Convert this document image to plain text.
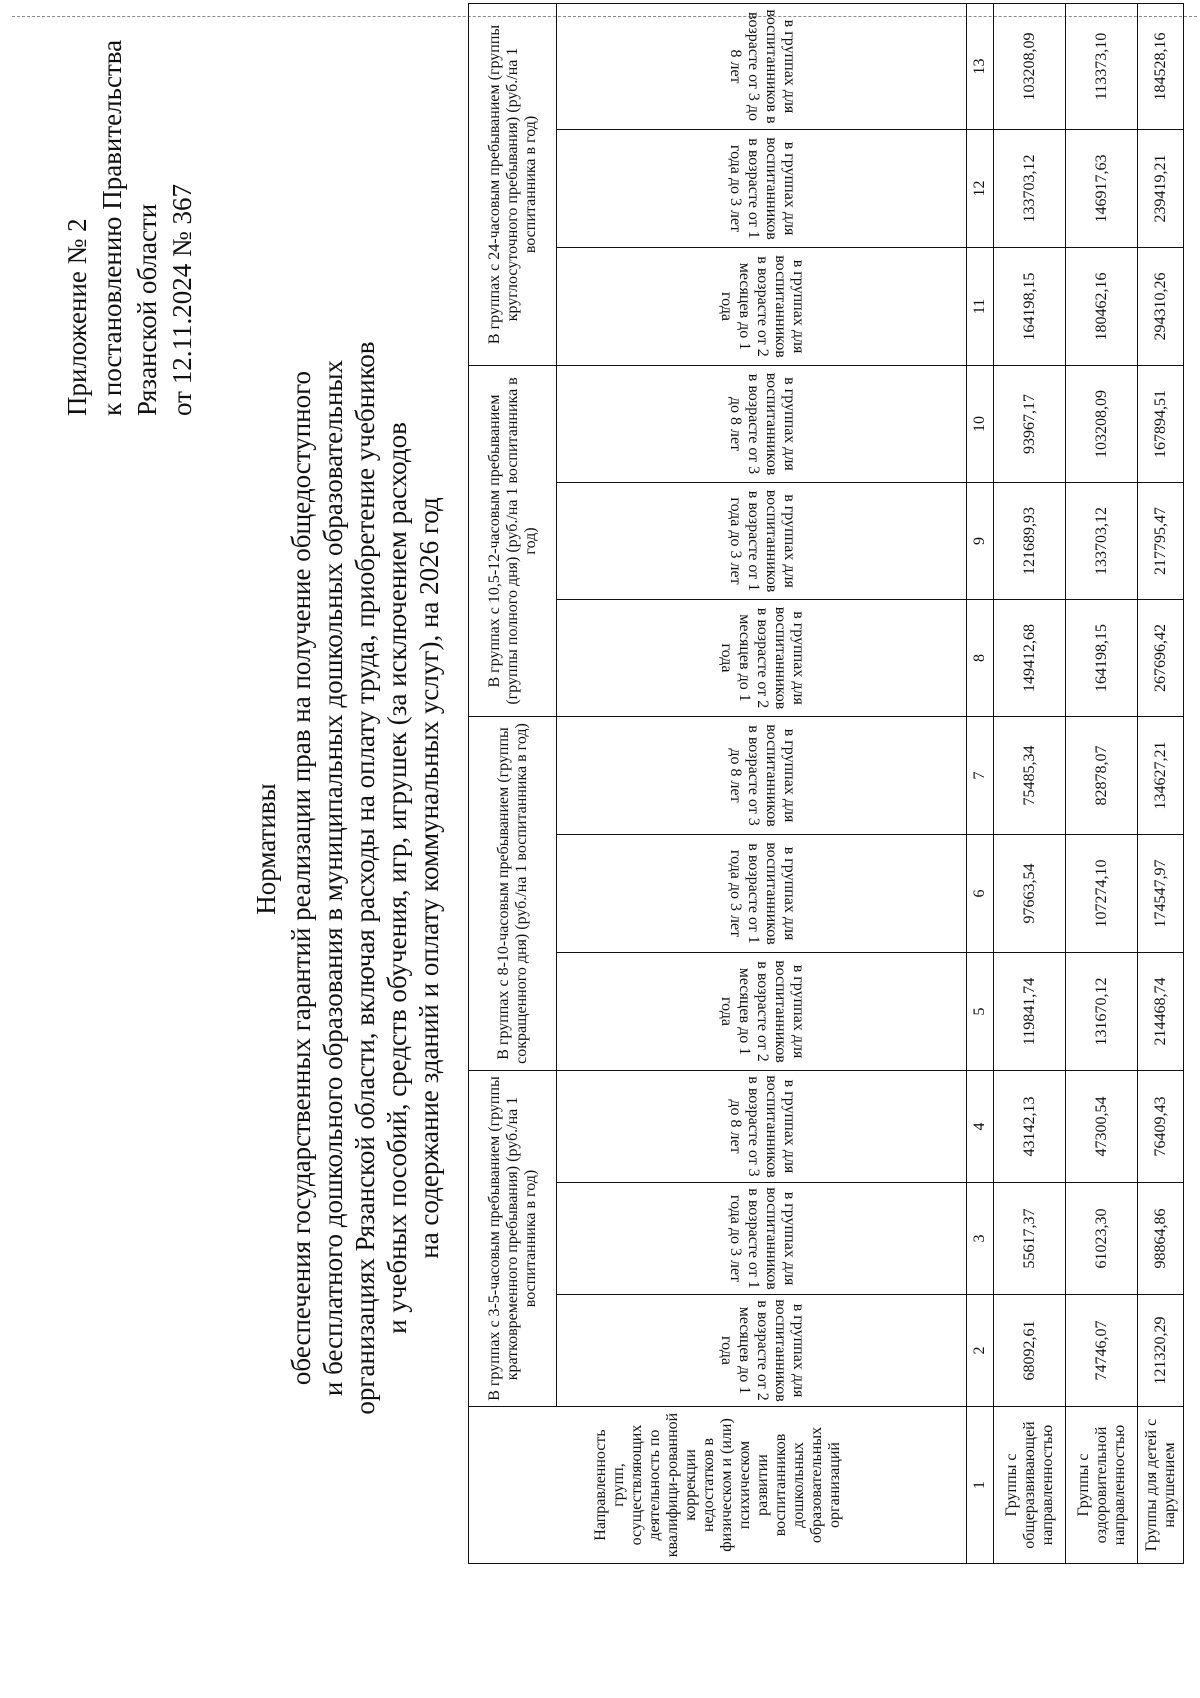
Приложение № 2 к постановлению Правительства Рязанской области от 12.11.2024 № 367
Нормативы обеспечения государственных гарантий реализации прав на получение общедоступного и бесплатного дошкольного образования в муниципальных дошкольных образовательных организациях Рязанской области, включая расходы на оплату труда, приобретение учебников и учебных пособий, средств обучения, игр, игрушек (за исключением расходов на содержание зданий и оплату коммунальных услуг), на 2026 год
Направленность групп, осуществляющих деятельность по квалифици-рованной коррекции недостатков в физическом и (или) психическом развитии воспитанников дошкольных образовательных организаций	В группах с 3-5-часовым пребыванием (группы кратковременного пребывания) (руб./на 1 воспитанника в год)			В группах с 8-10-часовым пребыванием (группы сокращенного дня) (руб./на 1 воспитанника в год)			В группах с 10,5-12-часовым пребыванием (группы полного дня) (руб./на 1 воспитанника в год)			В группах с 24-часовым пребыванием (группы круглосуточного пребывания) (руб./на 1 воспитанника в год)		

	в группах для воспитанников в возрасте от 2 месяцев до 1 года	в группах для воспитанников в возрасте от 1 года до 3 лет	в группах для воспитанников в возрасте от 3 до 8 лет	в группах для воспитанников в возрасте от 2 месяцев до 1 года	в группах для воспитанников в возрасте от 1 года до 3 лет	в группах для воспитанников в возрасте от 3 до 8 лет	в группах для воспитанников в возрасте от 2 месяцев до 1 года	в группах для воспитанников в возрасте от 1 года до 3 лет	в группах для воспитанников в возрасте от 3 до 8 лет	в группах для воспитанников в возрасте от 2 месяцев до 1 года	в группах для воспитанников в возрасте от 1 года до 3 лет	в группах для воспитанников в возрасте от 3 до 8 лет

1	2	3	4	5	6	7	8	9	10	11	12	13
Группы с общеразвивающей направленностью	68092,61	55617,37	43142,13	119841,74	97663,54	75485,34	149412,68	121689,93	93967,17	164198,15	133703,12	103208,09
Группы с оздоровительной направленностью	74746,07	61023,30	47300,54	131670,12	107274,10	82878,07	164198,15	133703,12	103208,09	180462,16	146917,63	113373,10
Группы для детей с нарушением	121320,29	98864,86	76409,43	214468,74	174547,97	134627,21	267696,42	217795,47	167894,51	294310,26	239419,21	184528,16
